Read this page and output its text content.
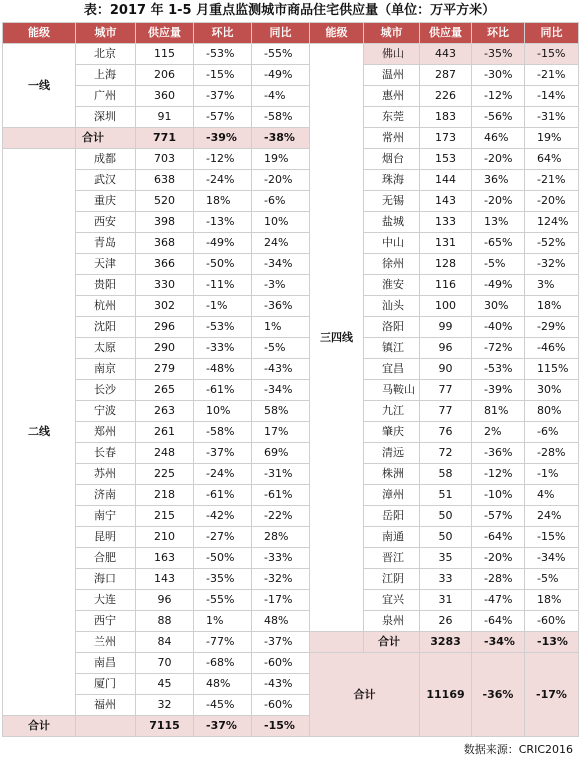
表：2017 年 1-5 月重点监测城市商品住宅供应量（单位：万平方米）
能级	城市	供应量	环比	同比	能级	城市	供应量	环比	同比
一线	北京	115	-53%	-55%	三四线	佛山	443	-35%	-15%
	上海	206	-15%	-49%		温州	287	-30%	-21%
	广州	360	-37%	-4%		惠州	226	-12%	-14%
	深圳	91	-57%	-58%		东莞	183	-56%	-31%
	合计	771	-39%	-38%		常州	173	46%	19%
二线	成都	703	-12%	19%		烟台	153	-20%	64%
	武汉	638	-24%	-20%		珠海	144	36%	-21%
	重庆	520	18%	-6%		无锡	143	-20%	-20%
	西安	398	-13%	10%		盐城	133	13%	124%
	青岛	368	-49%	24%		中山	131	-65%	-52%
	天津	366	-50%	-34%		徐州	128	-5%	-32%
	贵阳	330	-11%	-3%		淮安	116	-49%	3%
	杭州	302	-1%	-36%		汕头	100	30%	18%
	沈阳	296	-53%	1%		洛阳	99	-40%	-29%
	太原	290	-33%	-5%		镇江	96	-72%	-46%
	南京	279	-48%	-43%		宜昌	90	-53%	115%
	长沙	265	-61%	-34%		马鞍山	77	-39%	30%
	宁波	263	10%	58%		九江	77	81%	80%
	郑州	261	-58%	17%		肇庆	76	2%	-6%
	长春	248	-37%	69%		清远	72	-36%	-28%
	苏州	225	-24%	-31%		株洲	58	-12%	-1%
	济南	218	-61%	-61%		漳州	51	-10%	4%
	南宁	215	-42%	-22%		岳阳	50	-57%	24%
	昆明	210	-27%	28%		南通	50	-64%	-15%
	合肥	163	-50%	-33%		晋江	35	-20%	-34%
	海口	143	-35%	-32%		江阴	33	-28%	-5%
	大连	96	-55%	-17%		宜兴	31	-47%	18%
	西宁	88	1%	48%		泉州	26	-64%	-60%
	兰州	84	-77%	-37%		合计	3283	-34%	-13%
	南昌	70	-68%	-60%	合计		11169	-36%	-17%
	厦门	45	48%	-43%					
	福州	32	-45%	-60%					
合计		7115	-37%	-15%					
数据来源：CRIC2016
